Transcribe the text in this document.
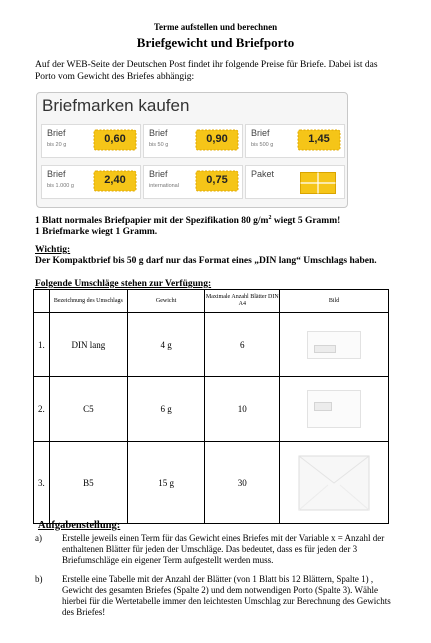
Terme aufstellen und berechnen
Briefgewicht und Briefporto
Auf der WEB-Seite der Deutschen Post findet ihr folgende Preise für Briefe. Dabei ist das Porto vom Gewicht des Briefes abhängig:
Briefmarken kaufen
Brief
bis 20 g	0,60	Brief
bis 50 g	0,90	Brief
bis 500 g	1,45
Brief
bis 1.000 g	2,40	Brief
international	0,75	Paket
1 Blatt normales Briefpapier mit der Spezifikation 80 $g/m^2$ wiegt 5 Gramm!
1 Briefmarke wiegt 1 Gramm.
Wichtig:
Der Kompaktbrief bis 50 g darf nur das Format eines „DIN lang“ Umschlags haben.
Folgende Umschläge stehen zur Verfügung:
	Bezeichnung des Umschlags	Gewicht	Maximale Anzahl Blätter DIN A4	Bild
1.	DIN lang	4 g	6	

2.	C5	6 g	10	

3.	B5	15 g	30	
Aufgabenstellung:
a) Erstelle jeweils einen Term für das Gewicht eines Briefes mit der Variable x = Anzahl der enthaltenen Blätter für jeden der Umschläge. Das bedeutet, dass es für jeden der 3 Briefumschläge ein eigener Term aufgestellt werden muss.
b) Erstelle eine Tabelle mit der Anzahl der Blätter (von 1 Blatt bis 12 Blättern, Spalte 1) , Gewicht des gesamten Briefes (Spalte 2) und dem notwendigen Porto (Spalte 3). Wähle hierbei für die Wertetabelle immer den leichtesten Umschlag zur Berechnung des Gewichts des Briefes!
